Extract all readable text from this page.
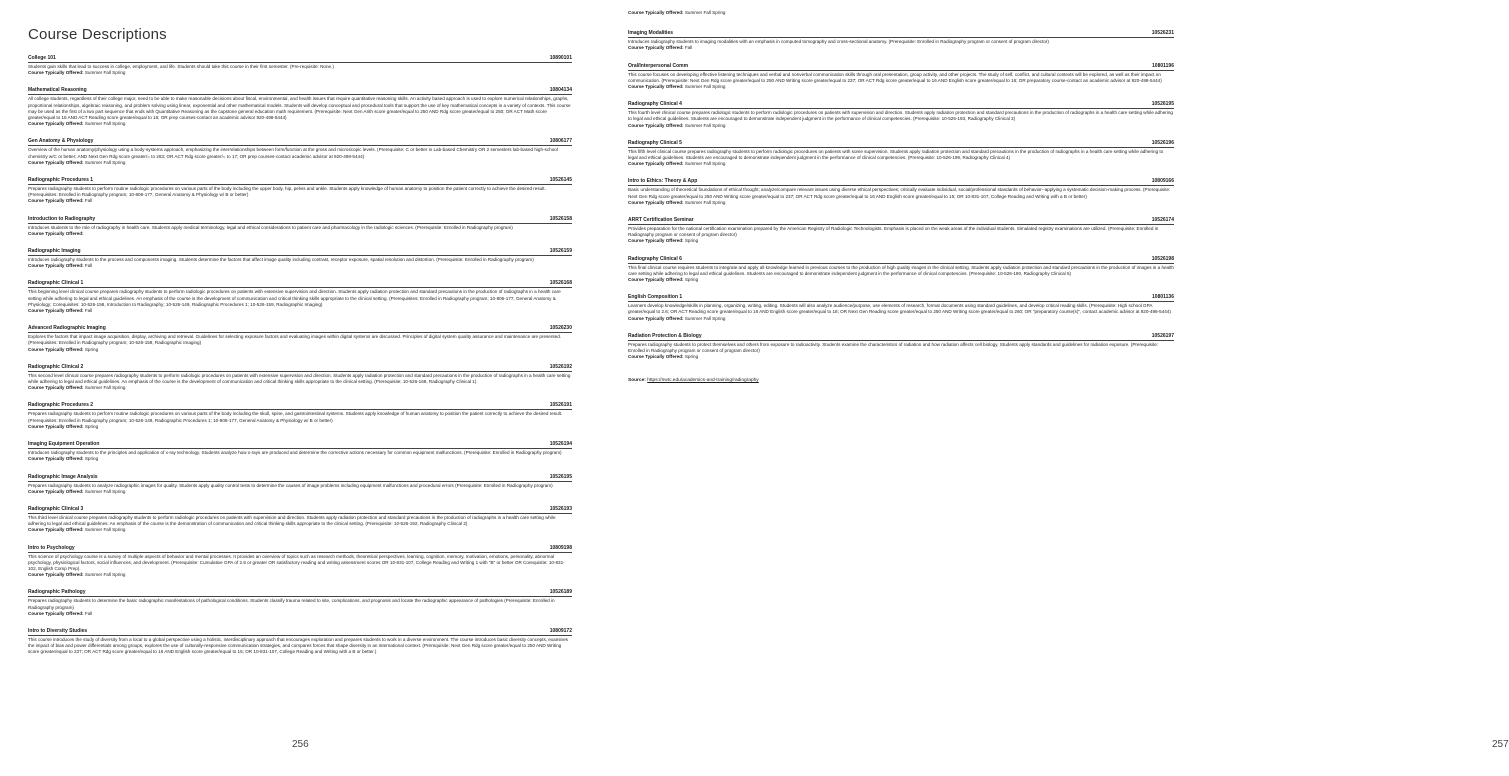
Course Descriptions
College 101	10890101

Students gain skills that lead to success in college, employment, and life. Students should take this course in their first semester. (Pre-requisite: None.)

Course Typically Offered: Summer Fall Spring

Mathematical Reasoning	10804134

All college students, regardless of their college major, need to be able to make reasonable decisions about fiscal, environmental, and health issues that require quantitative reasoning skills. An activity based approach is used to explore numerical relationships, graphs, proportional relationships, algebraic reasoning, and problem solving using linear, exponential and other mathematical models. Students will develop conceptual and procedural tools that support the use of key mathematical concepts in a variety of contexts. This course may be used as the first of a two part sequence that ends with Quantitative Reasoning as the capstone general education math requirement. (Prerequisite: Next Gen Arith score greater/equal to 250 AND Rdg score greater/equal to 250; OR ACT Math score greater/equal to 15 AND ACT Reading score greater/equal to 16; OR prep courses-contact an academic advisor 920-498-5444)

Course Typically Offered: Summer Fall Spring

Gen Anatomy & Physiology	10806177

Overview of the human anatomy/physiology using a body-systems approach, emphasizing the interrelationships between form/function at the gross and microscopic levels. (Prerequisite: C or better in Lab-based Chemistry OR 2 semesters lab-based high-school chemistry w/C or better; AND Next Gen Rdg score greater/= to 263; OR ACT Rdg score greater/= to 17; OR prep courses-contact academic advisor at 920-498-5444)

Course Typically Offered: Summer Fall Spring

Radiographic Procedures 1	10526145

Prepares radiography students to perform routine radiologic procedures on various parts of the body including the upper body, hip, pelvis and ankle. Students apply knowledge of human anatomy to position the patient correctly to achieve the desired result. (Prerequisites: Enrolled in Radiography program; 10-806-177, General Anatomy & Physiology w/ B or better)

Course Typically Offered: Fall

Introduction to Radiography	10526158

Introduces students to the role of radiography in health care. Students apply medical terminology, legal and ethical considerations to patient care and pharmacology in the radiologic sciences. (Prerequisite: Enrolled in Radiography program)

Course Typically Offered:

Radiographic Imaging	10526159

Introduces radiography students to the process and components imaging. Students determine the factors that affect image quality including contrast, receptor exposure, spatial resolution and distortion. (Prerequisite: Enrolled in Radiography program)

Course Typically Offered: Fall

Radiographic Clinical 1	10526168

This beginning level clinical course prepares radiography students to perform radiologic procedures on patients with extensive supervision and direction. Students apply radiation protection and standard precautions in the production of radiographs in a health care setting while adhering to legal and ethical guidelines. An emphasis of the course is the development of communication and critical thinking skills appropriate to the clinical setting. (Prerequisites: Enrolled in Radiography program; 10-806-177, General Anatomy & Physiology; Corequisites: 10-526-158, Introduction to Radiography; 10-526-149, Radiographic Procedures 1; 10-526-159, Radiographic Imaging)

Course Typically Offered: Fall

Advanced Radiographic Imaging	10526230

Explores the factors that impact image acquisition, display, archiving and retrieval. Guidelines for selecting exposure factors and evaluating images within digital systems are discussed. Principles of digital system quality assurance and maintenance are presented. (Prerequisites: Enrolled in Radiography program; 10-526-159, Radiographic Imaging)

Course Typically Offered: Spring

Radiographic Clinical 2	10526192

This second level clinical course prepares radiography students to perform radiologic procedures on patients with extensive supervision and direction. Students apply radiation protection and standard precautions in the production of radiographs in a health care setting while adhering to legal and ethical guidelines. An emphasis of the course is the development of communication and critical thinking skills appropriate to the clinical setting. (Prerequisite: 10-526-168, Radiography Clinical 1)

Course Typically Offered: Summer Fall Spring

Radiographic Procedures 2	10526191

Prepares radiography students to perform routine radiologic procedures on various parts of the body including the skull, spine, and gastrointestinal systems. Students apply knowledge of human anatomy to position the patient correctly to achieve the desired result. (Prerequisites: Enrolled in Radiography program; 10-526-149, Radiographic Procedures 1; 10-806-177, General Anatomy & Physiology w/ B or better)

Course Typically Offered: Spring

Imaging Equipment Operation	10526194

Introduces radiography students to the principles and application of x-ray technology. Students analyze how x-rays are produced and determine the corrective actions necessary for common equipment malfunctions. (Prerequisite: Enrolled in Radiography program)

Course Typically Offered: Spring

Radiographic Image Analysis	10526195

Prepares radiography students to analyze radiographic images for quality. Students apply quality control tests to determine the causes of image problems including equipment malfunctions and procedural errors (Prerequisite: Enrolled in Radiography program)

Course Typically Offered: Summer Fall Spring

Radiographic Clinical 3	10526193

This third level clinical course prepares radiography students to perform radiologic procedures on patients with supervision and direction. Students apply radiation protection and standard precautions in the production of radiographs in a health care setting while adhering to legal and ethical guidelines. An emphasis of the course is the demonstration of communication and critical thinking skills appropriate to the clinical setting. (Prerequisite: 10-526-192, Radiography Clinical 2)

Course Typically Offered: Summer Fall Spring

Intro to Psychology	10809198

This science of psychology course is a survey of multiple aspects of behavior and mental processes. It provides an overview of topics such as research methods, theoretical perspectives, learning, cognition, memory, motivation, emotions, personality, abnormal psychology, physiological factors, social influences, and development. (Prerequisite: Cumulative GPA of 2.6 or greater OR satisfactory reading and writing assessment scores OR 10-831-107, College Reading and Writing 1 with "B" or better OR Corequisite: 10-831-102, English Comp Prep).

Course Typically Offered: Summer Fall Spring

Radiographic Pathology	10526189

Prepares radiography students to determine the basic radiographic manifestations of pathological conditions. Students classify trauma related to site, complications, and prognosis and locate the radiographic appearance of pathologies (Prerequisite: Enrolled in Radiography program)

Course Typically Offered: Fall

Intro to Diversity Studies	10809172

This course introduces the study of diversity from a local to a global perspective using a holistic, interdisciplinary approach that encourages exploration and prepares students to work in a diverse environment. The course introduces basic diversity concepts, examines the impact of bias and power differentials among groups, explores the use of culturally-responsive communication strategies, and compares forces that shape diversity in an international context. (Prerequisite: Next Gen Rdg score greater/equal to 250 AND Writing score greater/equal to 237; OR ACT Rdg score greater/equal to 16 AND English score greater/equal to 15; OR 10-831-107, College Reading and Writing with a B or better.)

256

Course Typically Offered: Summer Fall Spring

Imaging Modalities	10526231

Introduces radiography students to imaging modalities with an emphasis in computed tomography and cross-sectional anatomy. (Prerequisite: Enrolled in Radiography program or consent of program director)

Course Typically Offered: Fall

Oral/Interpersonal Comm	10801196

This course focuses on developing effective listening techniques and verbal and nonverbal communication skills through oral presentation, group activity, and other projects. The study of self, conflict, and cultural contexts will be explored, as well as their impact on communication. (Prerequisite: Next Gen Rdg score greater/equal to 250 AND Writing score greater/equal to 237; OR ACT Rdg score greater/equal to 16 AND English score greater/equal to 16; OR preparatory course-contact an academic advisor at 920-498-5444)

Course Typically Offered: Summer Fall Spring

Radiography Clinical 4	10526195

This fourth level clinical course prepares radiologic students to perform radiologic procedures on patients with supervision and direction. Students apply radiation protection and standard precautions in the production of radiographs in a health care setting while adhering to legal and ethical guidelines. Students are encouraged to demonstrate independent judgment in the performance of clinical competencies. (Prerequisite: 10-526-193, Radiography Clinical 3)

Course Typically Offered: Summer Fall Spring

Radiography Clinical 5	10526196

This fifth level clinical course prepares radiography students to perform radiologic procedures on patients with some supervision. Students apply radiation protection and standard precautions in the production of radiographs in a health care setting while adhering to legal and ethical guidelines. Students are encouraged to demonstrate independent judgment in the performance of clinical competencies. (Prerequisite: 10-526-199, Radiography Clinical 4)

Course Typically Offered: Summer Fall Spring

Intro to Ethics: Theory & App	10809166

Basic understanding of theoretical foundations of ethical thought; analyze/compare relevant issues using diverse ethical perspectives; critically evaluate individual, social/professional standards of behavior--applying a systematic decision-making process. (Prerequisite: Next Gen Rdg score greater/equal to 250 AND Writing score greater/equal to 237; OR ACT Rdg score greater/equal to 16 AND English score greater/equal to 15; OR 10-831-107, College Reading and Writing with a B or better)

Course Typically Offered: Summer Fall Spring

ARRT Certification Seminar	10526174

Provides preparation for the national certification examination prepared by the American Registry of Radiologic Technologists. Emphasis is placed on the weak areas of the individual students. Simulated registry examinations are utilized. (Prerequisite: Enrolled in Radiography program or consent of program director)

Course Typically Offered: Spring

Radiography Clinical 6	10526198

This final clinical course requires students to integrate and apply all knowledge learned in previous courses to the production of high quality images in the clinical setting. Students apply radiation protection and standard precautions in the production of images in a health care setting while adhering to legal and ethical guidelines. Students are encouraged to demonstrate independent judgment in the performance of clinical competencies. (Prerequisite: 10-526-190, Radiography Clinical 5)

Course Typically Offered: Spring

English Composition 1	10801136

Learners develop knowledge/skills in planning, organizing, writing, editing. Students will also analyze audience/purpose, use elements of research, format documents using standard guidelines, and develop critical reading skills. (Prerequisite: High school GPA greater/equal to 2.6; OR ACT Reading score greater/equal to 16 AND English score greater/equal to 18; OR Next Gen Reading score greater/equal to 250 AND Writing score greater/equal to 260; OR "preparatory course(s)", contact academic advisor at 920-498-5444)

Course Typically Offered: Summer Fall Spring

Radiation Protection & Biology	10526197

Prepares radiography students to protect themselves and others from exposure to radioactivity. Students examine the characteristics of radiation and how radiation affects cell biology. Students apply standards and guidelines for radiation exposure. (Prerequisite: Enrolled in Radiography program or consent of program director)

Course Typically Offered: Spring

Source: https://nwtc.edu/academics-and-training/radiography
257
